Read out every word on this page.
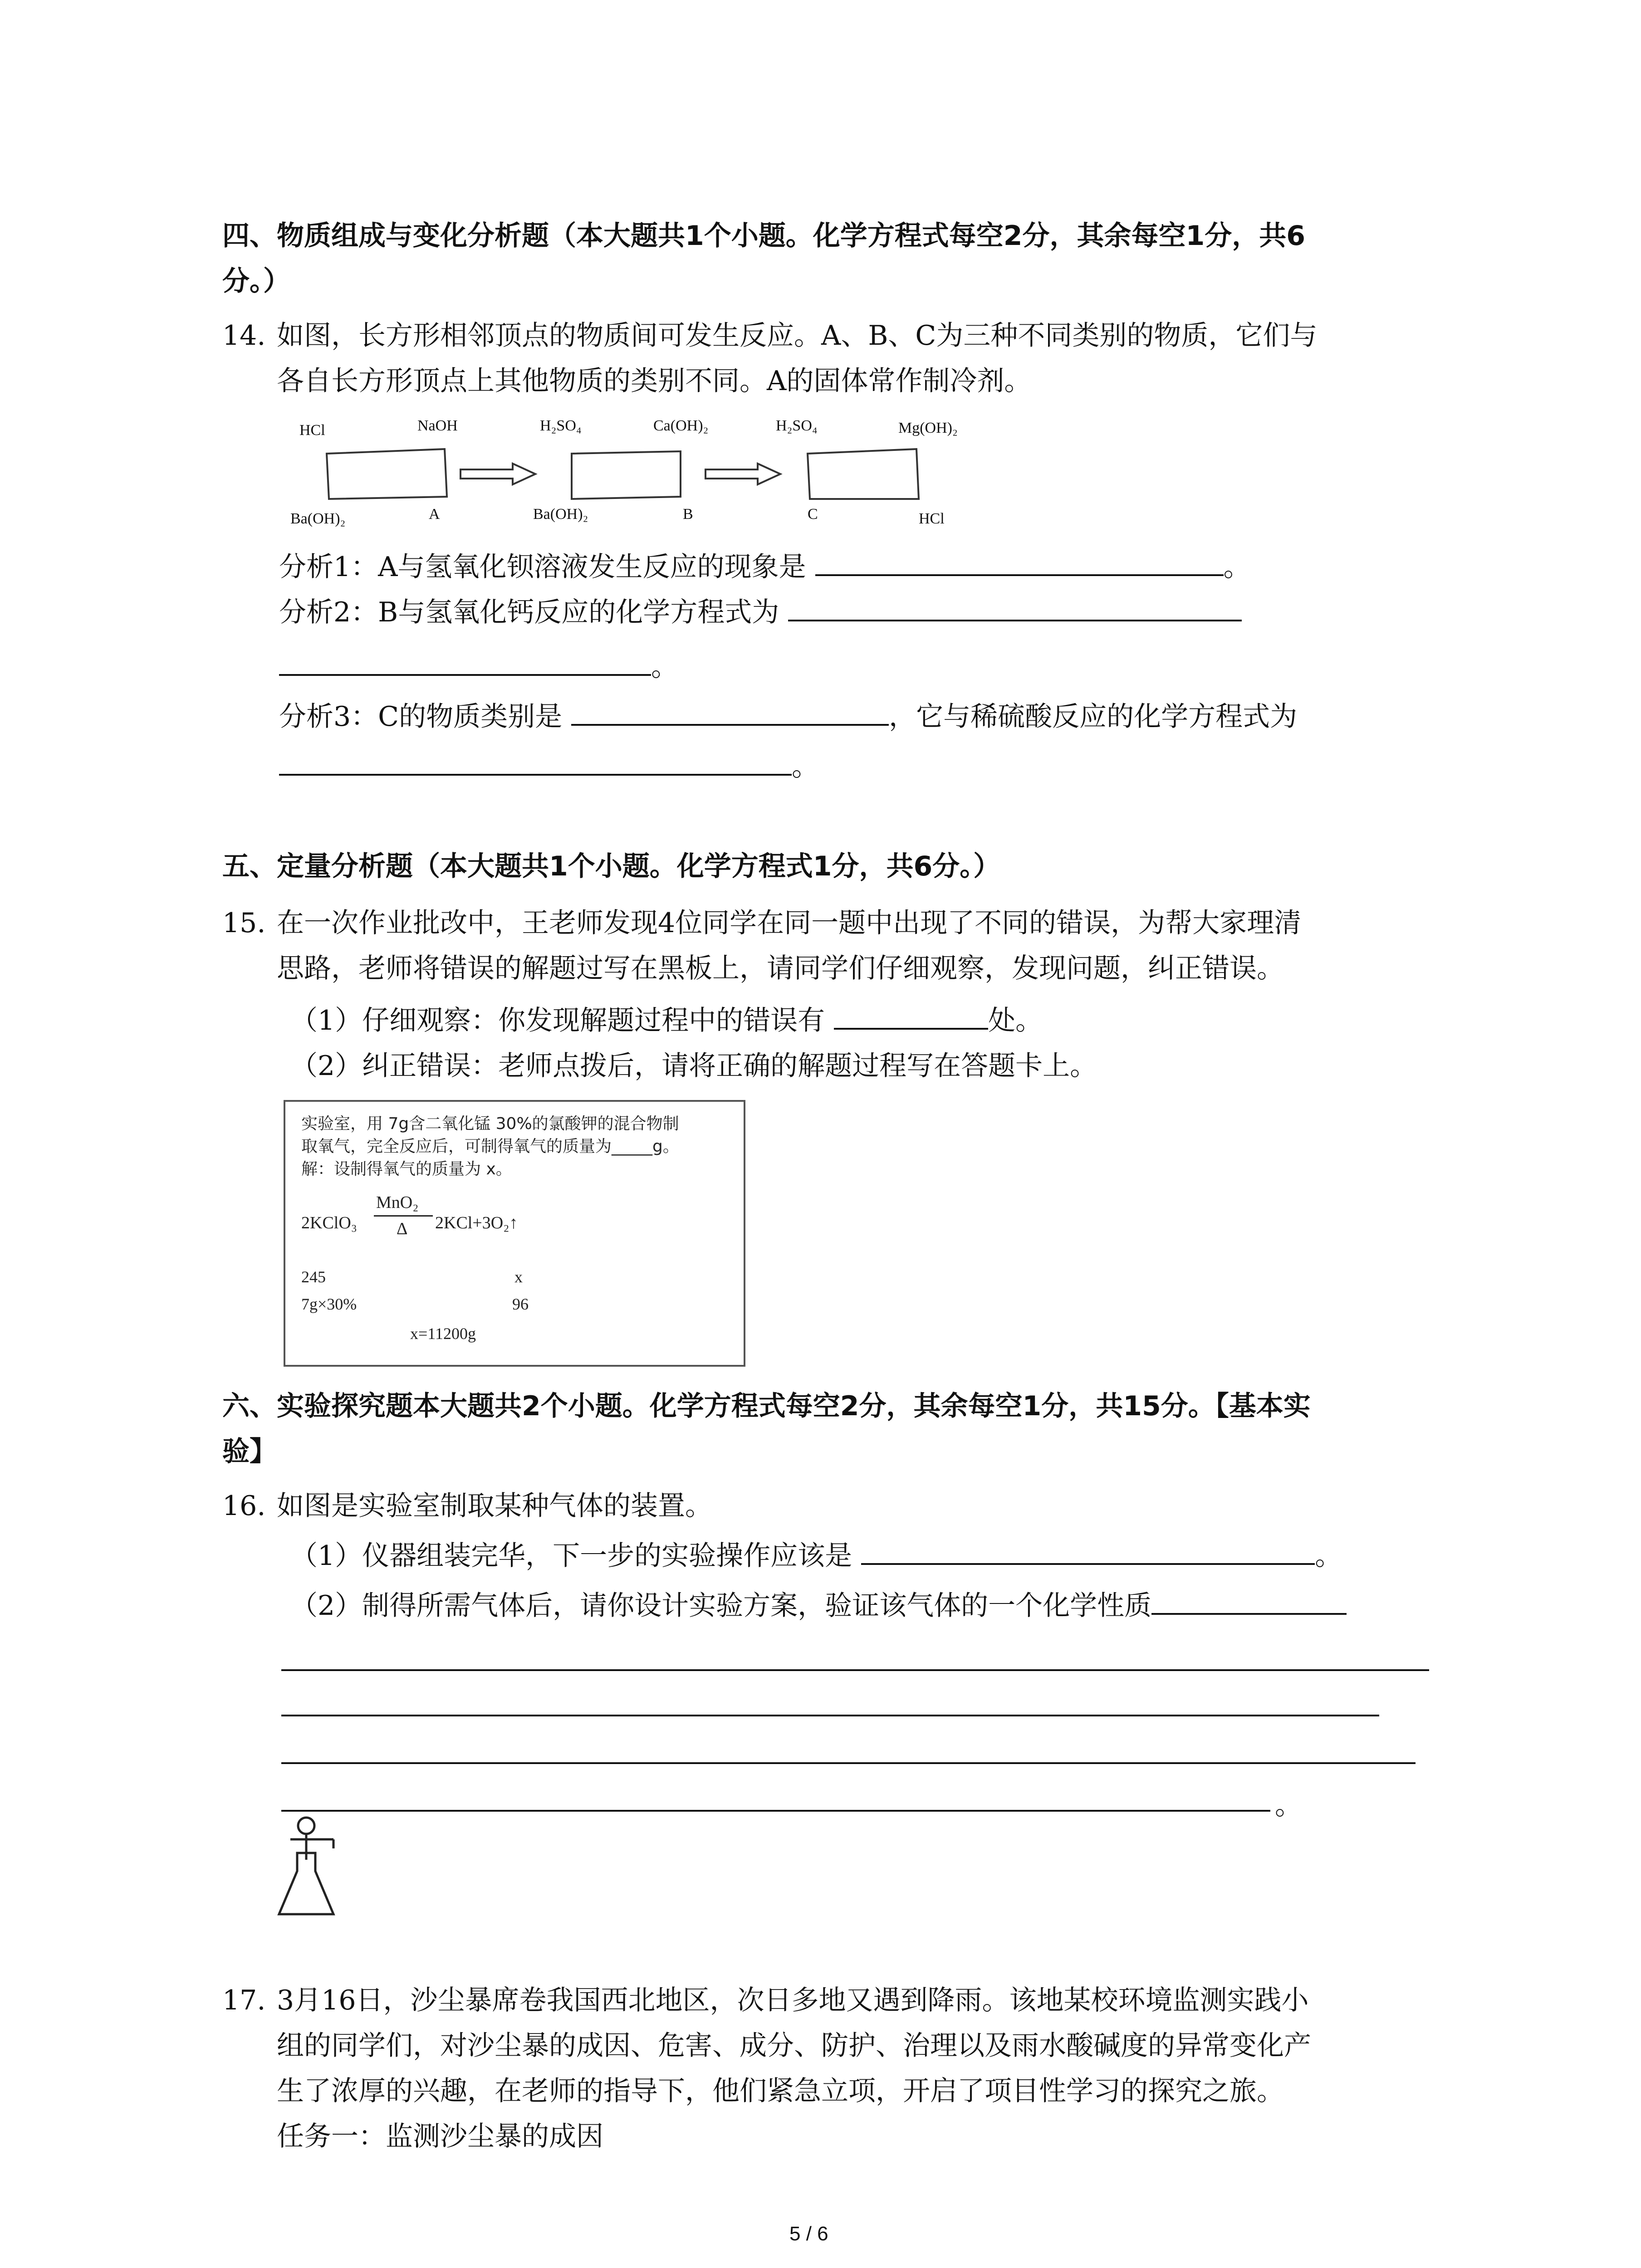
四、物质组成与变化分析题（本大题共1个小题。化学方程式每空2分，其余每空1分，共6
分。）
14. 如图，长方形相邻顶点的物质间可发生反应。A、B、C为三种不同类别的物质，它们与
各自长方形顶点上其他物质的类别不同。A的固体常作制冷剂。
HCl	NaOH
Ba(OH)₂	A
H₂SO₄	Ca(OH)₂
Ba(OH)₂	B
H₂SO₄	Mg(OH)₂
C	HCl
分析1：A与氢氧化钡溶液发生反应的现象是	。
分析2：B与氢氧化钙反应的化学方程式为
。
分析3：C的物质类别是	，它与稀硫酸反应的化学方程式为
。
五、定量分析题（本大题共1个小题。化学方程式1分，共6分。）
15. 在一次作业批改中，王老师发现4位同学在同一题中出现了不同的错误，为帮大家理清
思路，老师将错误的解题过写在黑板上，请同学们仔细观察，发现问题，纠正错误。
（1）仔细观察：你发现解题过程中的错误有	处。
（2）纠正错误：老师点拨后，请将正确的解题过程写在答题卡上。
实验室，用 7g含二氧化锰 30%的氯酸钾的混合物制
取氧气，完全反应后，可制得氧气的质量为_____g。
解：设制得氧气的质量为 x。
2KClO₃
MnO₂
Δ 2KCl+3O₂↑
245	x
7g×30%	96
x=11200g
六、实验探究题本大题共2个小题。化学方程式每空2分，其余每空1分，共15分。【基本实
验】
16. 如图是实验室制取某种气体的装置。
（1）仪器组装完华，下一步的实验操作应该是	。
（2）制得所需气体后，请你设计实验方案，验证该气体的一个化学性质
。
17. 3月16日，沙尘暴席卷我国西北地区，次日多地又遇到降雨。该地某校环境监测实践小
组的同学们，对沙尘暴的成因、危害、成分、防护、治理以及雨水酸碱度的异常变化产
生了浓厚的兴趣，在老师的指导下，他们紧急立项，开启了项目性学习的探究之旅。
任务一：监测沙尘暴的成因
5 / 6
